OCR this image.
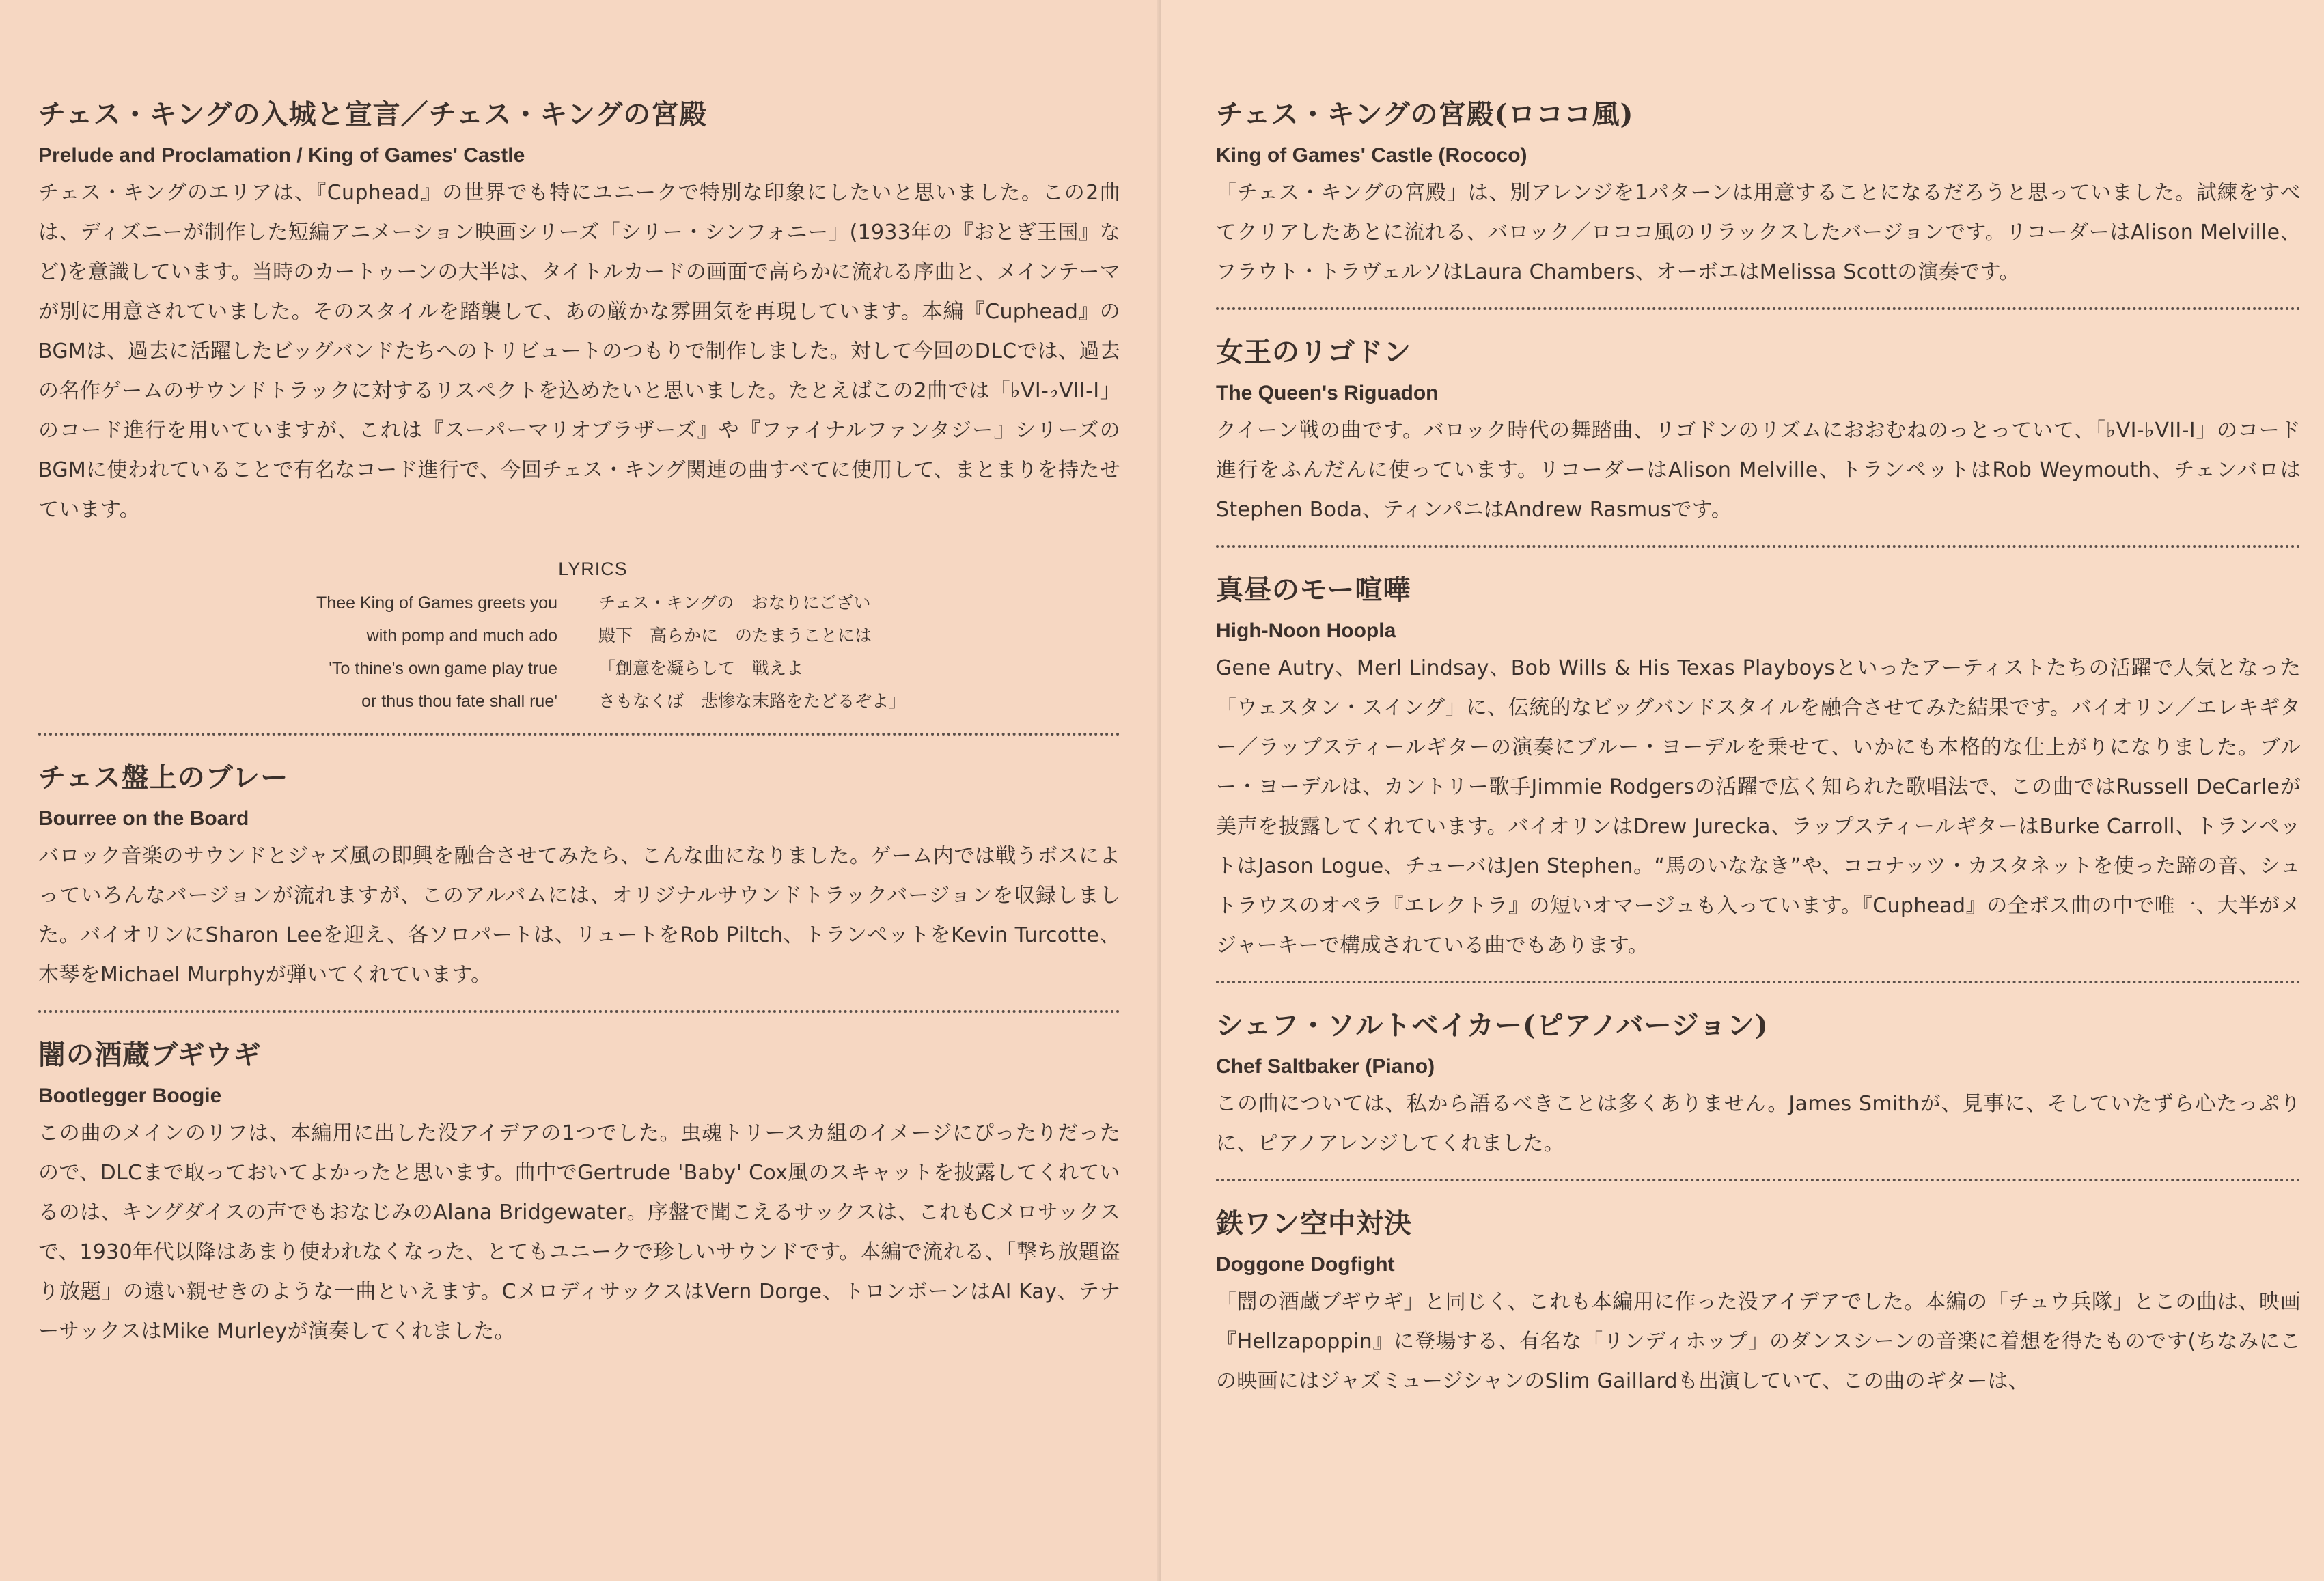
チェス・キングの入城と宣言／チェス・キングの宮殿
Prelude and Proclamation / King of Games' Castle

チェス・キングのエリアは、『Cuphead』の世界でも特にユニークで特別な印象にしたいと思いました。この2曲は、ディズニーが制作した短編アニメーション映画シリーズ「シリー・シンフォニー」(1933年の『おとぎ王国』など)を意識しています。当時のカートゥーンの大半は、タイトルカードの画面で高らかに流れる序曲と、メインテーマが別に用意されていました。そのスタイルを踏襲して、あの厳かな雰囲気を再現しています。本編『Cuphead』のBGMは、過去に活躍したビッグバンドたちへのトリビュートのつもりで制作しました。対して今回のDLCでは、過去の名作ゲームのサウンドトラックに対するリスペクトを込めたいと思いました。たとえばこの2曲では「♭VI-♭VII-I」のコード進行を用いていますが、これは『スーパーマリオブラザーズ』や『ファイナルファンタジー』シリーズのBGMに使われていることで有名なコード進行で、今回チェス・キング関連の曲すべてに使用して、まとまりを持たせています。

LYRICS
Thee King of Games greets you
with pomp and much ado
'To thine's own game play true
or thus thou fate shall rue'
チェス・キングの　おなりにござい
殿下　高らかに　のたまうことには
「創意を凝らして　戦えよ
さもなくば　悲惨な末路をたどるぞよ」
チェス盤上のブレー
Bourree on the Board

バロック音楽のサウンドとジャズ風の即興を融合させてみたら、こんな曲になりました。ゲーム内では戦うボスによっていろんなバージョンが流れますが、このアルバムには、オリジナルサウンドトラックバージョンを収録しました。バイオリンにSharon Leeを迎え、各ソロパートは、リュートをRob Piltch、トランペットをKevin Turcotte、木琴をMichael Murphyが弾いてくれています。

闇の酒蔵ブギウギ
Bootlegger Boogie

この曲のメインのリフは、本編用に出した没アイデアの1つでした。虫魂トリースカ組のイメージにぴったりだったので、DLCまで取っておいてよかったと思います。曲中でGertrude 'Baby' Cox風のスキャットを披露してくれているのは、キングダイスの声でもおなじみのAlana Bridgewater。序盤で聞こえるサックスは、これもCメロサックスで、1930年代以降はあまり使われなくなった、とてもユニークで珍しいサウンドです。本編で流れる、「撃ち放題盗り放題」の遠い親せきのような一曲といえます。CメロディサックスはVern Dorge、トロンボーンはAl Kay、テナーサックスはMike Murleyが演奏してくれました。

チェス・キングの宮殿(ロココ風)
King of Games' Castle (Rococo)

「チェス・キングの宮殿」は、別アレンジを1パターンは用意することになるだろうと思っていました。試練をすべてクリアしたあとに流れる、バロック／ロココ風のリラックスしたバージョンです。リコーダーはAlison Melville、フラウト・トラヴェルソはLaura Chambers、オーボエはMelissa Scottの演奏です。

女王のリゴドン
The Queen's Riguadon

クイーン戦の曲です。バロック時代の舞踏曲、リゴドンのリズムにおおむねのっとっていて、「♭VI-♭VII-I」のコード進行をふんだんに使っています。リコーダーはAlison Melville、トランペットはRob Weymouth、チェンバロはStephen Boda、ティンパニはAndrew Rasmusです。

真昼のモー喧嘩
High-Noon Hoopla

Gene Autry、Merl Lindsay、Bob Wills & His Texas Playboysといったアーティストたちの活躍で人気となった「ウェスタン・スイング」に、伝統的なビッグバンドスタイルを融合させてみた結果です。バイオリン／エレキギター／ラップスティールギターの演奏にブルー・ヨーデルを乗せて、いかにも本格的な仕上がりになりました。ブルー・ヨーデルは、カントリー歌手Jimmie Rodgersの活躍で広く知られた歌唱法で、この曲ではRussell DeCarleが美声を披露してくれています。バイオリンはDrew Jurecka、ラップスティールギターはBurke Carroll、トランペットはJason Logue、チューバはJen Stephen。“馬のいななき”や、ココナッツ・カスタネットを使った蹄の音、シュトラウスのオペラ『エレクトラ』の短いオマージュも入っています。『Cuphead』の全ボス曲の中で唯一、大半がメジャーキーで構成されている曲でもあります。

シェフ・ソルトベイカー(ピアノバージョン)
Chef Saltbaker (Piano)

この曲については、私から語るべきことは多くありません。James Smithが、見事に、そしていたずら心たっぷりに、ピアノアレンジしてくれました。

鉄ワン空中対決
Doggone Dogfight

「闇の酒蔵ブギウギ」と同じく、これも本編用に作った没アイデアでした。本編の「チュウ兵隊」とこの曲は、映画『Hellzapoppin』に登場する、有名な「リンディホップ」のダンスシーンの音楽に着想を得たものです(ちなみにこの映画にはジャズミュージシャンのSlim Gaillardも出演していて、この曲のギターは、
